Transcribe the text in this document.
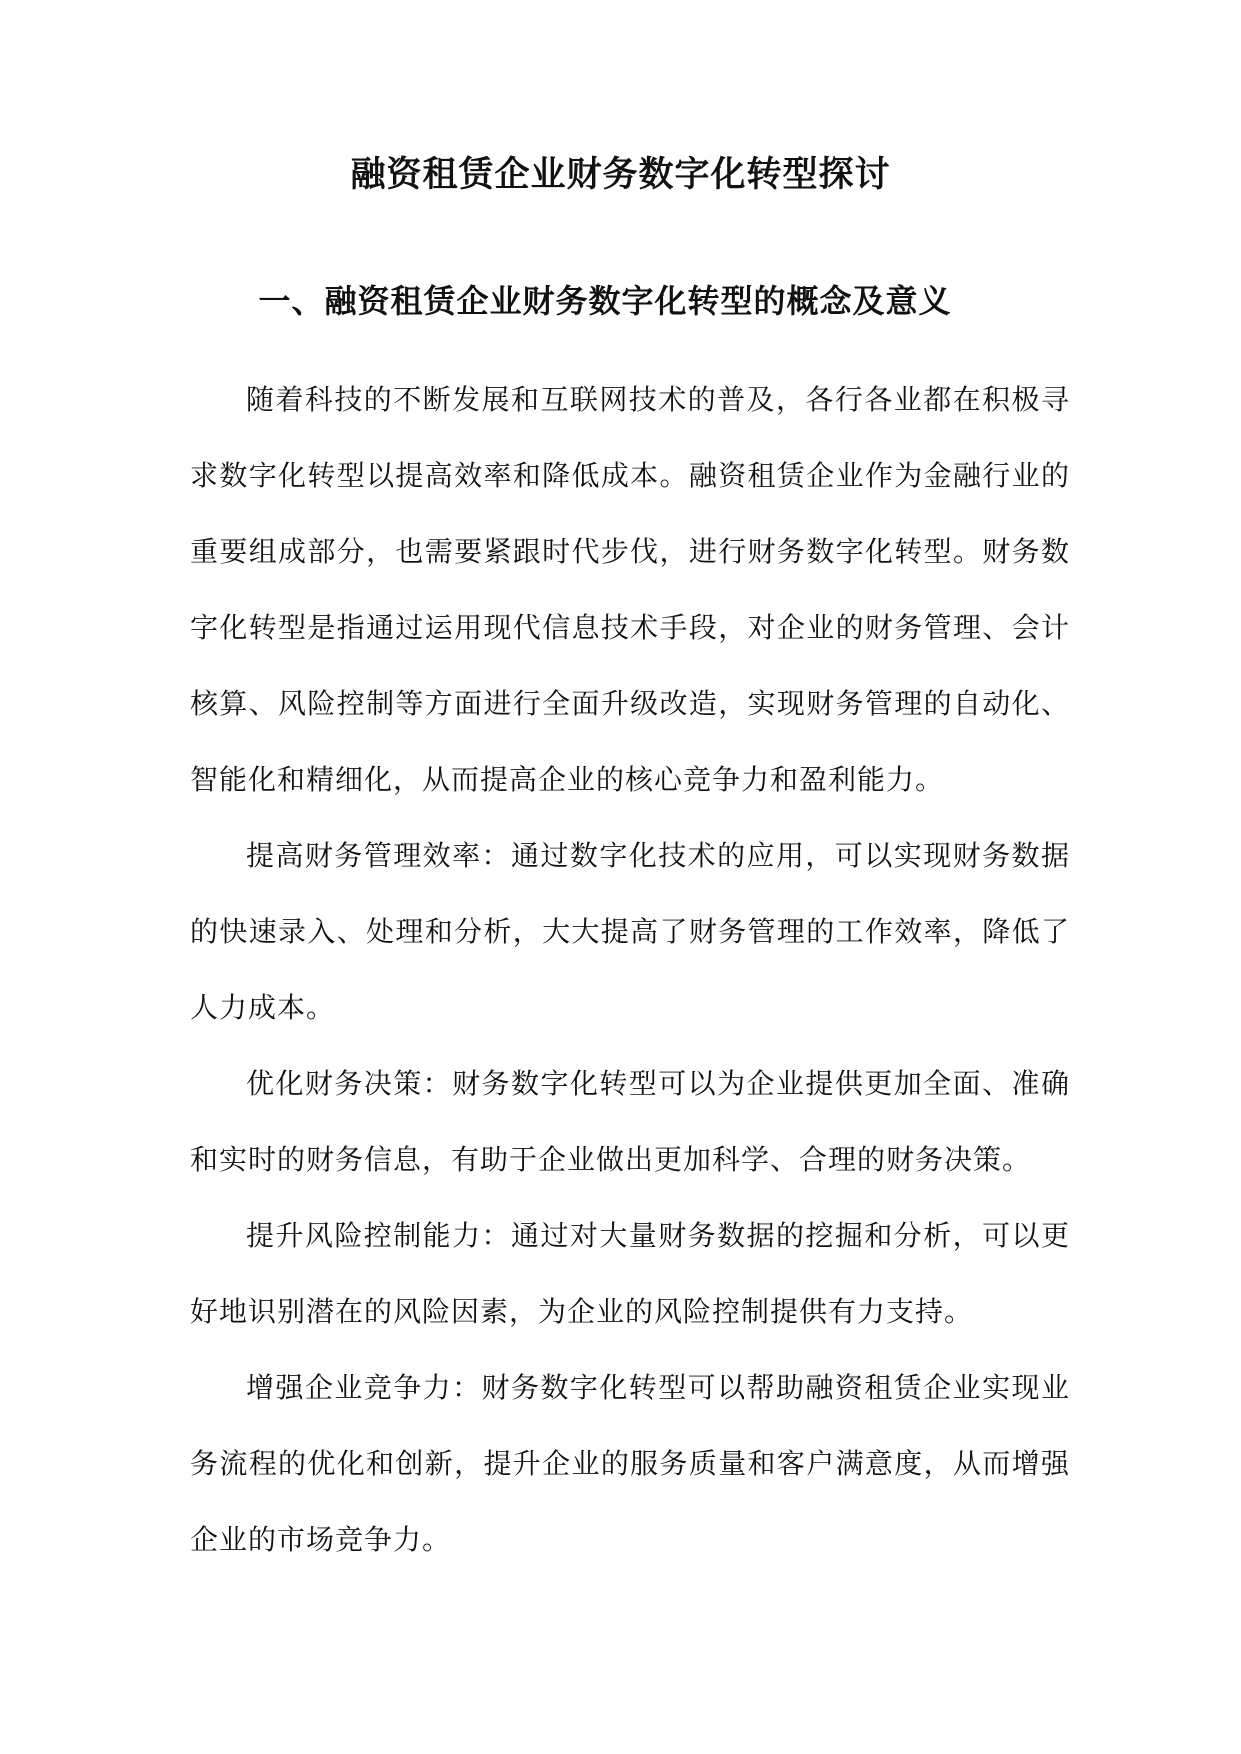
融资租赁企业财务数字化转型探讨
一、融资租赁企业财务数字化转型的概念及意义

随着科技的不断发展和互联网技术的普及，各行各业都在积极寻求数字化转型以提高效率和降低成本。融资租赁企业作为金融行业的重要组成部分，也需要紧跟时代步伐，进行财务数字化转型。财务数字化转型是指通过运用现代信息技术手段，对企业的财务管理、会计核算、风险控制等方面进行全面升级改造，实现财务管理的自动化、智能化和精细化，从而提高企业的核心竞争力和盈利能力。

提高财务管理效率：通过数字化技术的应用，可以实现财务数据的快速录入、处理和分析，大大提高了财务管理的工作效率，降低了人力成本。

优化财务决策：财务数字化转型可以为企业提供更加全面、准确和实时的财务信息，有助于企业做出更加科学、合理的财务决策。

提升风险控制能力：通过对大量财务数据的挖掘和分析，可以更好地识别潜在的风险因素，为企业的风险控制提供有力支持。

增强企业竞争力：财务数字化转型可以帮助融资租赁企业实现业务流程的优化和创新，提升企业的服务质量和客户满意度，从而增强企业的市场竞争力。
